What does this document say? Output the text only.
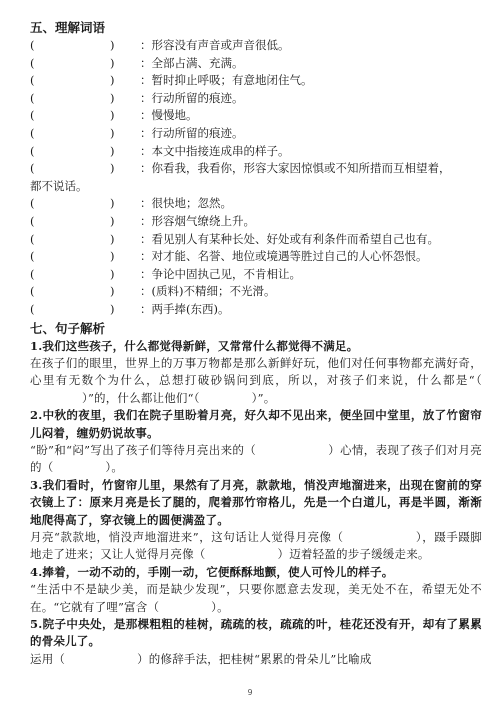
五、理解词语
(	)	：形容没有声音或声音很低。
(	)	：全部占满、充满。
(	)	：暂时抑止呼吸；有意地闭住气。
(	)	：行动所留的痕迹。
(	)	：慢慢地。
(	)	：行动所留的痕迹。
(	)	：本文中指接连成串的样子。
(	)	：你看我，我看你，形容大家因惊惧或不知所措而互相望着，
都不说话。
(	)	：很快地；忽然。
(	)	：形容烟气缭绕上升。
(	)	：看见别人有某种长处、好处或有利条件而希望自己也有。
(	)	：对才能、名誉、地位或境遇等胜过自己的人心怀怨恨。
(	)	：争论中固执己见，不肯相让。
(	)	：(质料)不精细；不光滑。
(	)	：两手捧(东西)。
七、句子解析
1.我们这些孩子，什么都觉得新鲜，又常常什么都觉得不满足。
在孩子们的眼里，世界上的万事万物都是那么新鲜好玩，他们对任何事物都充满好奇，心里有无数个为什么，总想打破砂锅问到底，所以，对孩子们来说，什么都是“（）”的，什么都让他们“（	）”。
2.中秋的夜里，我们在院子里盼着月亮，好久却不见出来，便坐回中堂里，放了竹窗帘儿闷着，缠奶奶说故事。
“盼”和“闷”写出了孩子们等待月亮出来的（	）心情，表现了孩子们对月亮的（	）。
3.我们看时，竹窗帘儿里，果然有了月亮，款款地，悄没声地溜进来，出现在窗前的穿衣镜上了：原来月亮是长了腿的，爬着那竹帘格儿，先是一个白道儿，再是半圆，渐渐地爬得高了，穿衣镜上的圆便满盈了。
月亮“款款地，悄没声地溜进来”，这句话让人觉得月亮像（	），蹑手蹑脚地走了进来；又让人觉得月亮像（	）迈着轻盈的步子缓缓走来。
4.捧着，一动不动的，手刚一动，它便酥酥地颤，使人可怜儿的样子。
“生活中不是缺少美，而是缺少发现”，只要你愿意去发现，美无处不在，希望无处不在。“它就有了哩”富含（	）。
5.院子中央处，是那棵粗粗的桂树，疏疏的枝，疏疏的叶，桂花还没有开，却有了累累的骨朵儿了。
运用（	）的修辞手法，把桂树“累累的骨朵儿”比喻成
9
